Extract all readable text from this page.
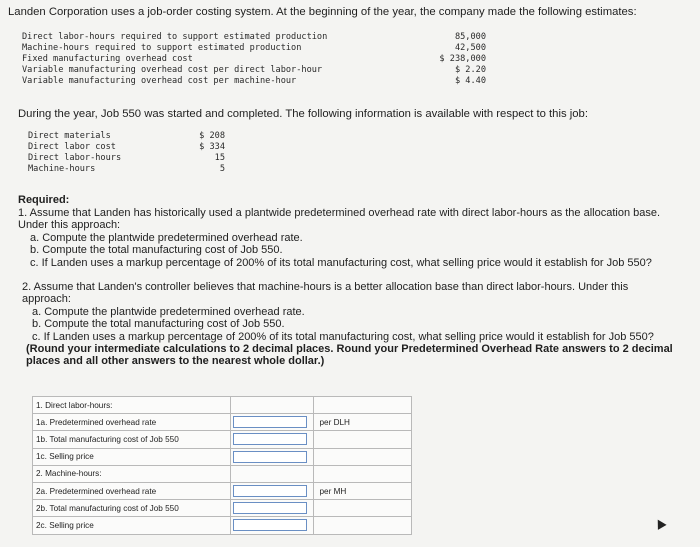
Landen Corporation uses a job-order costing system. At the beginning of the year, the company made the following estimates:
Direct labor-hours required to support estimated production	85,000
Machine-hours required to support estimated production	42,500
Fixed manufacturing overhead cost	$ 238,000
Variable manufacturing overhead cost per direct labor-hour	$ 2.20
Variable manufacturing overhead cost per machine-hour	$ 4.40
During the year, Job 550 was started and completed. The following information is available with respect to this job:
Direct materials	$ 208
Direct labor cost	$ 334
Direct labor-hours	15
Machine-hours	5
Required:
1. Assume that Landen has historically used a plantwide predetermined overhead rate with direct labor-hours as the allocation base.
Under this approach:
a. Compute the plantwide predetermined overhead rate.
b. Compute the total manufacturing cost of Job 550.
c. If Landen uses a markup percentage of 200% of its total manufacturing cost, what selling price would it establish for Job 550?
2. Assume that Landen's controller believes that machine-hours is a better allocation base than direct labor-hours. Under this
approach:
a. Compute the plantwide predetermined overhead rate.
b. Compute the total manufacturing cost of Job 550.
c. If Landen uses a markup percentage of 200% of its total manufacturing cost, what selling price would it establish for Job 550?
(Round your intermediate calculations to 2 decimal places. Round your Predetermined Overhead Rate answers to 2 decimal
places and all other answers to the nearest whole dollar.)
1. Direct labor-hours:		
1a. Predetermined overhead rate		per DLH
1b. Total manufacturing cost of Job 550	

1c. Selling price	

2. Machine-hours:		
2a. Predetermined overhead rate		per MH
2b. Total manufacturing cost of Job 550	

2c. Selling price	
